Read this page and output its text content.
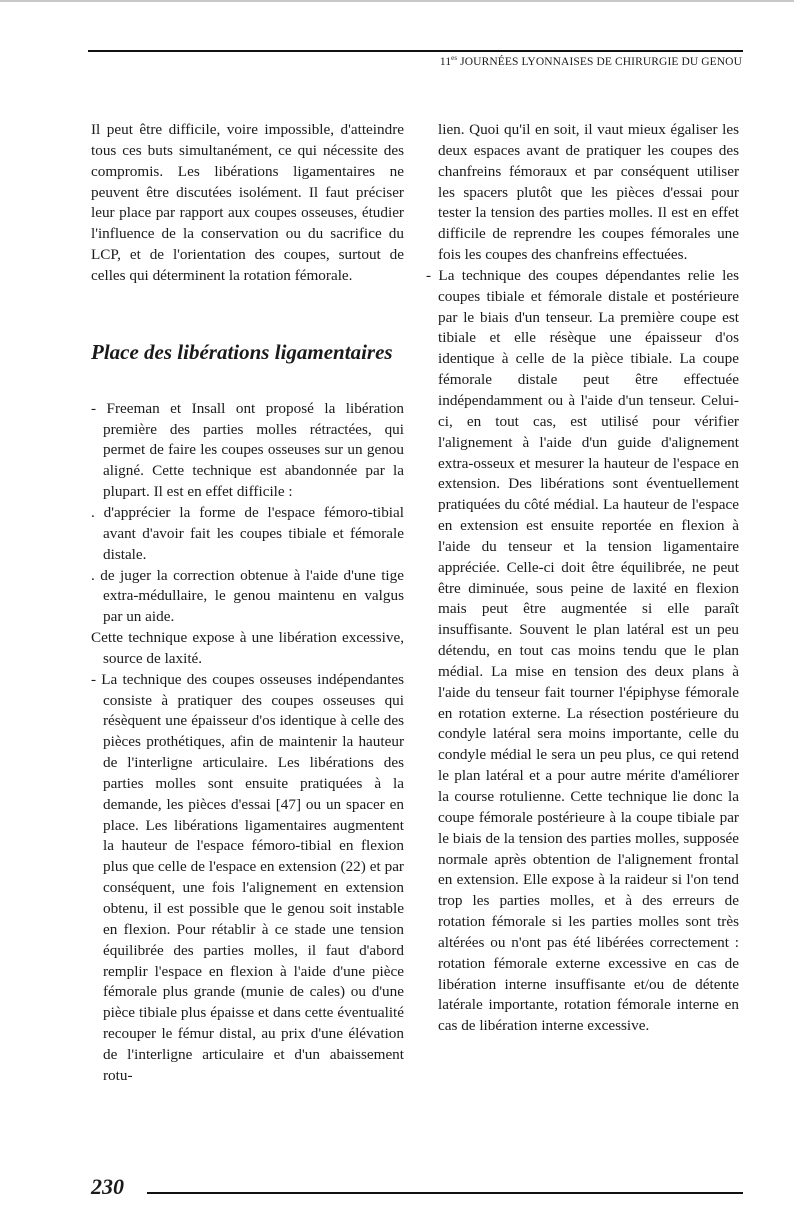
$11^{es}$ JOURNÉES LYONNAISES DE CHIRURGIE DU GENOU

Il peut être difficile, voire impossible, d'atteindre tous ces buts simultanément, ce qui nécessite des compromis. Les libérations ligamentaires ne peuvent être discutées isolément. Il faut préciser leur place par rapport aux coupes osseuses, étudier l'influence de la conservation ou du sacrifice du LCP, et de l'orientation des coupes, surtout de celles qui déterminent la rotation fémorale.

Place des libérations ligamentaires

- Freeman et Insall ont proposé la libération première des parties molles rétractées, qui permet de faire les coupes osseuses sur un genou aligné. Cette technique est abandonnée par la plupart. Il est en effet difficile :

. d'apprécier la forme de l'espace fémoro-tibial avant d'avoir fait les coupes tibiale et fémorale distale.

. de juger la correction obtenue à l'aide d'une tige extra-médullaire, le genou maintenu en valgus par un aide.

Cette technique expose à une libération excessive, source de laxité.

- La technique des coupes osseuses indépendantes consiste à pratiquer des coupes osseuses qui résèquent une épaisseur d'os identique à celle des pièces prothétiques, afin de maintenir la hauteur de l'interligne articulaire. Les libérations des parties molles sont ensuite pratiquées à la demande, les pièces d'essai [47] ou un spacer en place. Les libérations ligamentaires augmentent la hauteur de l'espace fémoro-tibial en flexion plus que celle de l'espace en extension (22) et par conséquent, une fois l'alignement en extension obtenu, il est possible que le genou soit instable en flexion. Pour rétablir à ce stade une tension équilibrée des parties molles, il faut d'abord remplir l'espace en flexion à l'aide d'une pièce fémorale plus grande (munie de cales) ou d'une pièce tibiale plus épaisse et dans cette éventualité recouper le fémur distal, au prix d'une élévation de l'interligne articulaire et d'un abaissement rotu-

lien. Quoi qu'il en soit, il vaut mieux égaliser les deux espaces avant de pratiquer les coupes des chanfreins fémoraux et par conséquent utiliser les spacers plutôt que les pièces d'essai pour tester la tension des parties molles. Il est en effet difficile de reprendre les coupes fémorales une fois les coupes des chanfreins effectuées.

- La technique des coupes dépendantes relie les coupes tibiale et fémorale distale et postérieure par le biais d'un tenseur. La première coupe est tibiale et elle résèque une épaisseur d'os identique à celle de la pièce tibiale. La coupe fémorale distale peut être effectuée indépendamment ou à l'aide d'un tenseur. Celui-ci, en tout cas, est utilisé pour vérifier l'alignement à l'aide d'un guide d'alignement extra-osseux et mesurer la hauteur de l'espace en extension. Des libérations sont éventuellement pratiquées du côté médial. La hauteur de l'espace en extension est ensuite reportée en flexion à l'aide du tenseur et la tension ligamentaire appréciée. Celle-ci doit être équilibrée, ne peut être diminuée, sous peine de laxité en flexion mais peut être augmentée si elle paraît insuffisante. Souvent le plan latéral est un peu détendu, en tout cas moins tendu que le plan médial. La mise en tension des deux plans à l'aide du tenseur fait tourner l'épiphyse fémorale en rotation externe. La résection postérieure du condyle latéral sera moins importante, celle du condyle médial le sera un peu plus, ce qui retend le plan latéral et a pour autre mérite d'améliorer la course rotulienne. Cette technique lie donc la coupe fémorale postérieure à la coupe tibiale par le biais de la tension des parties molles, supposée normale après obtention de l'alignement frontal en extension. Elle expose à la raideur si l'on tend trop les parties molles, et à des erreurs de rotation fémorale si les parties molles sont très altérées ou n'ont pas été libérées correctement : rotation fémorale externe excessive en cas de libération interne insuffisante et/ou de détente latérale importante, rotation fémorale interne en cas de libération interne excessive.

230
